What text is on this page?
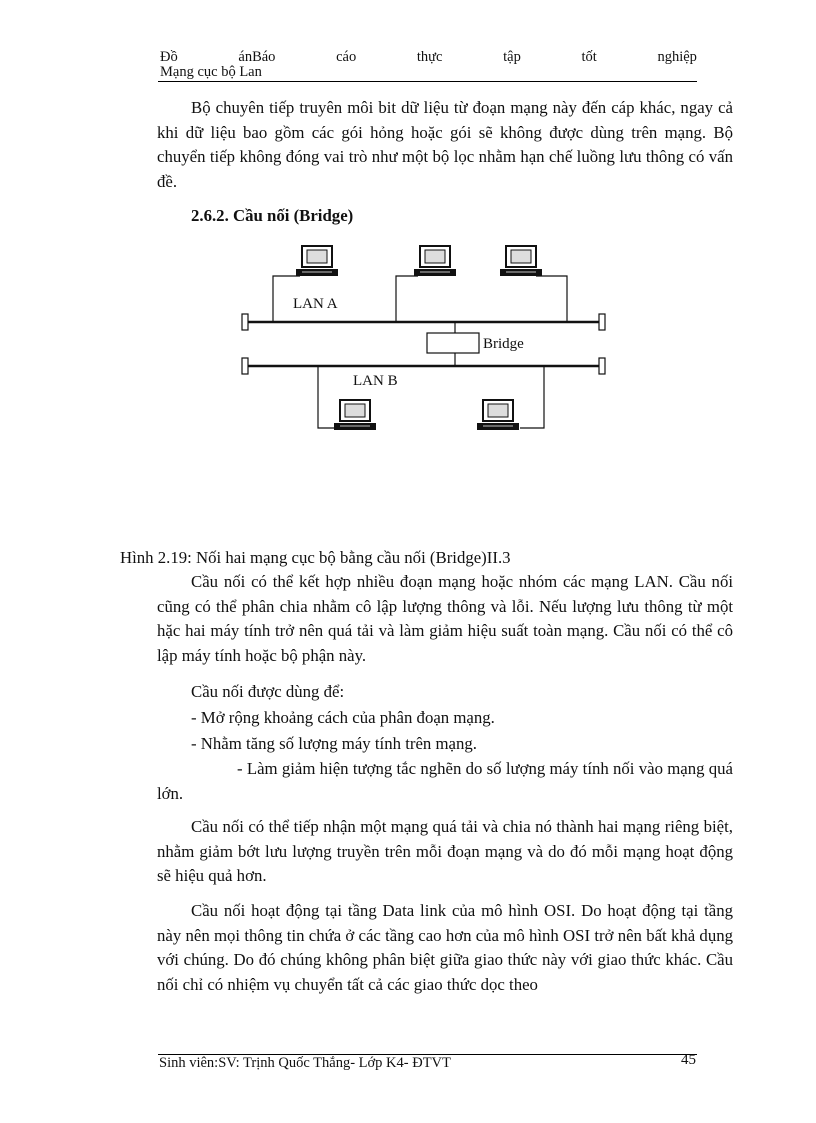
Đồ	ánBáo	cáo	thực	tập	tốt	nghiệp
Mạng cục bộ Lan

Bộ chuyên tiếp truyên môi bit dữ liệu từ đoạn mạng này đến cáp khác, ngay cả khi dữ liệu bao gồm các gói hỏng hoặc gói sẽ không được dùng trên mạng. Bộ chuyển tiếp không đóng vai trò như một bộ lọc nhằm hạn chế luồng lưu thông có vấn đề.

2.6.2. Cầu nối (Bridge)

LAN A
LAN B
Bridge

Hình 2.19: Nối hai mạng cục bộ bằng cầu nối (Bridge)II.3

Cầu nối có thể kết hợp nhiều đoạn mạng hoặc nhóm các mạng LAN. Cầu nối cũng có thể phân chia nhằm cô lập lượng thông và lỗi. Nếu lượng lưu thông từ một hặc hai máy tính trở nên quá tải và làm giảm hiệu suất toàn mạng. Cầu nối có thể cô lập máy tính hoặc bộ phận này.

Cầu nối được dùng để:

- Mở rộng khoảng cách của phân đoạn mạng.

- Nhằm tăng số lượng máy tính trên mạng.

- Làm giảm hiện tượng tắc nghẽn do số lượng máy tính nối vào mạng quá lớn.

Cầu nối có thể tiếp nhận một mạng quá tải và chia nó thành hai mạng riêng biệt, nhằm giảm bớt lưu lượng truyền trên mỗi đoạn mạng và do đó mỗi mạng hoạt động sẽ hiệu quả hơn.

Cầu nối hoạt động tại tầng Data link của mô hình OSI. Do hoạt động tại tầng này nên mọi thông tin chứa ở các tầng cao hơn của mô hình OSI trở nên bất khả dụng với chúng. Do đó chúng không phân biệt giữa giao thức này với giao thức khác. Cầu nối chỉ có nhiệm vụ chuyển tất cả các giao thức dọc theo

Sinh viên:SV: Trịnh Quốc Thắng- Lớp K4- ĐTVT	45
